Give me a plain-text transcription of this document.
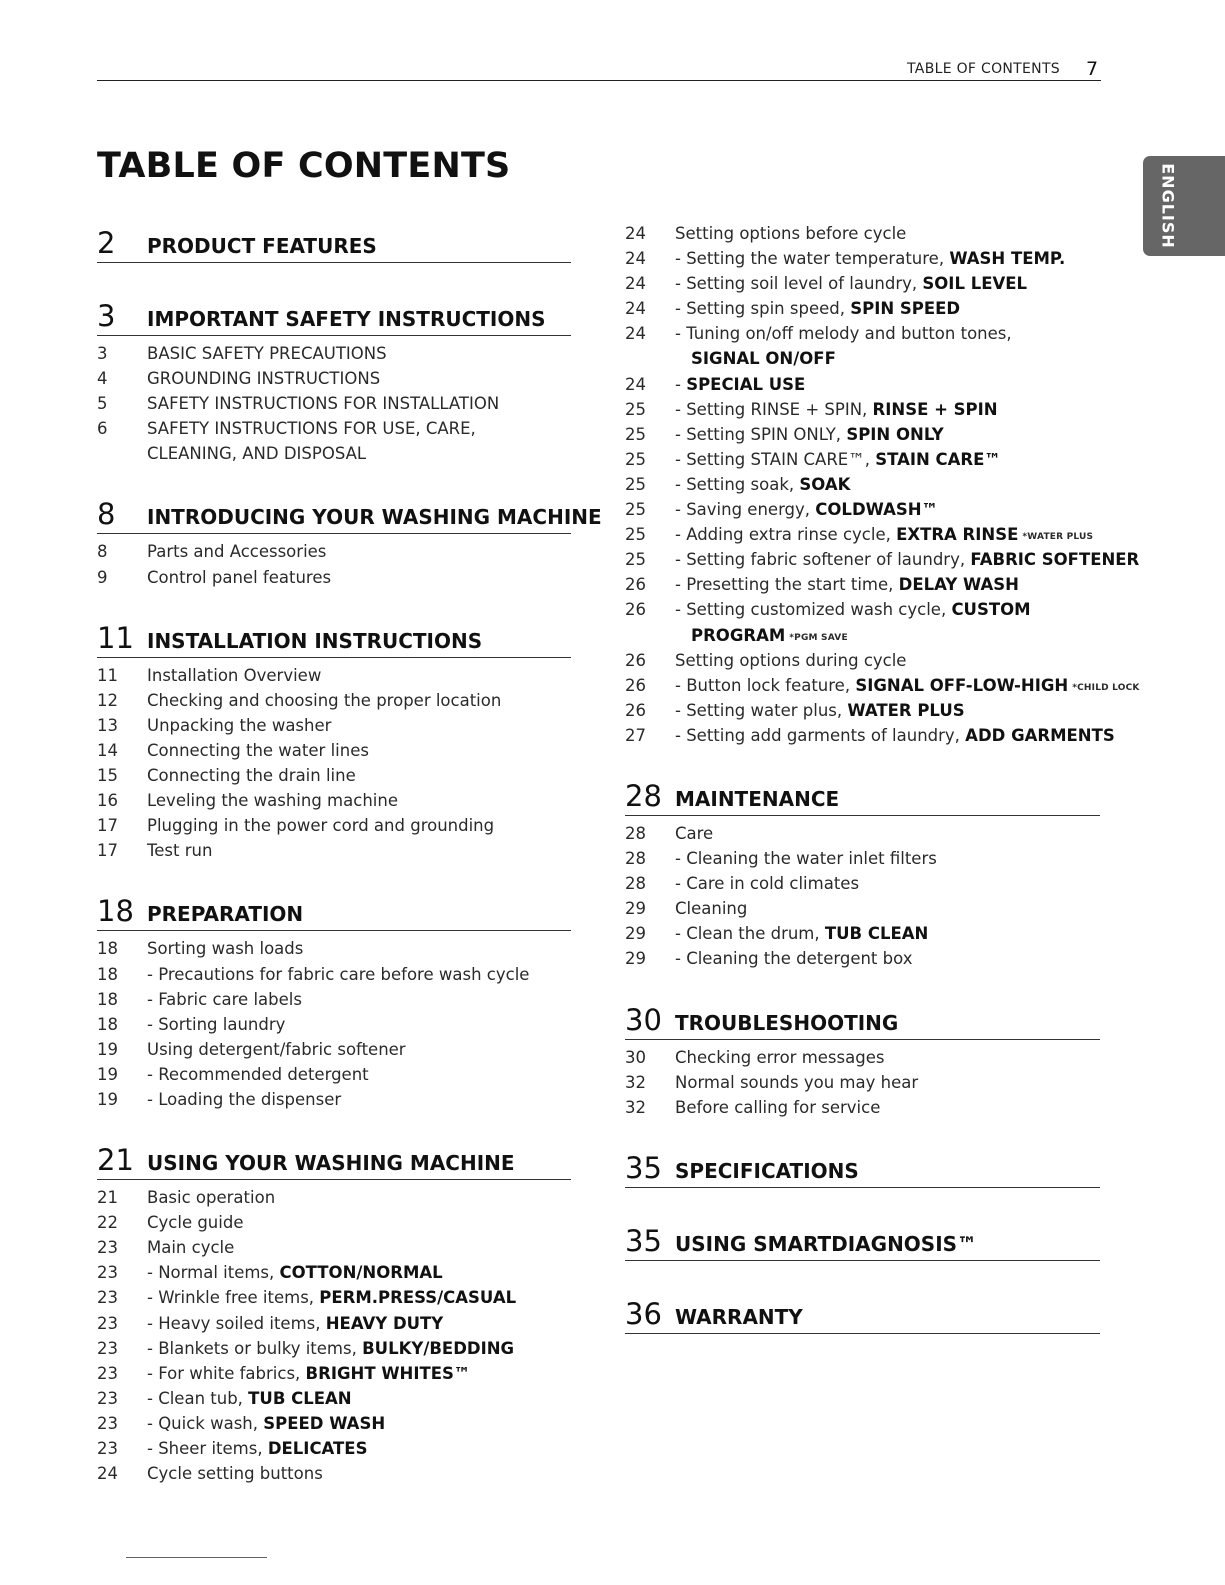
TABLE OF CONTENTS 7
TABLE OF CONTENTS	ENGLISH
2 PRODUCT FEATURES
3 IMPORTANT SAFETY INSTRUCTIONS
3 BASIC SAFETY PRECAUTIONS
4 GROUNDING INSTRUCTIONS
5 SAFETY INSTRUCTIONS FOR INSTALLATION
6 SAFETY INSTRUCTIONS FOR USE, CARE,
CLEANING, AND DISPOSAL
8 INTRODUCING YOUR WASHING MACHINE
8 Parts and Accessories
9 Control panel features
11 INSTALLATION INSTRUCTIONS
11 Installation Overview
12 Checking and choosing the proper location
13 Unpacking the washer
14 Connecting the water lines
15 Connecting the drain line
16 Leveling the washing machine
17 Plugging in the power cord and grounding
17 Test run
18 PREPARATION
18 Sorting wash loads
18 - Precautions for fabric care before wash cycle
18 - Fabric care labels
18 - Sorting laundry
19 Using detergent/fabric softener
19 - Recommended detergent
19 - Loading the dispenser
21 USING YOUR WASHING MACHINE
21 Basic operation
22 Cycle guide
23 Main cycle
23 - Normal items, COTTON/NORMAL
23 - Wrinkle free items, PERM.PRESS/CASUAL
23 - Heavy soiled items, HEAVY DUTY
23 - Blankets or bulky items, BULKY/BEDDING
23 - For white fabrics, BRIGHT WHITES™
23 - Clean tub, TUB CLEAN
23 - Quick wash, SPEED WASH
23 - Sheer items, DELICATES
24 Cycle setting buttons
24 Setting options before cycle
24 - Setting the water temperature, WASH TEMP.
24 - Setting soil level of laundry, SOIL LEVEL
24 - Setting spin speed, SPIN SPEED
24 - Tuning on/off melody and button tones,
SIGNAL ON/OFF
24 - SPECIAL USE
25 - Setting RINSE + SPIN, RINSE + SPIN
25 - Setting SPIN ONLY, SPIN ONLY
25 - Setting STAIN CARE™, STAIN CARE™
25 - Setting soak, SOAK
25 - Saving energy, COLDWASH™
25 - Adding extra rinse cycle, EXTRA RINSE *WATER PLUS
25 - Setting fabric softener of laundry, FABRIC SOFTENER
26 - Presetting the start time, DELAY WASH
26 - Setting customized wash cycle, CUSTOM
PROGRAM *PGM SAVE
26 Setting options during cycle
26 - Button lock feature, SIGNAL OFF-LOW-HIGH *CHILD LOCK
26 - Setting water plus, WATER PLUS
27 - Setting add garments of laundry, ADD GARMENTS
28 MAINTENANCE
28 Care
28 - Cleaning the water inlet filters
28 - Care in cold climates
29 Cleaning
29 - Clean the drum, TUB CLEAN
29 - Cleaning the detergent box
30 TROUBLESHOOTING
30 Checking error messages
32 Normal sounds you may hear
32 Before calling for service
35 SPECIFICATIONS
35 USING SMARTDIAGNOSIS™
36 WARRANTY
